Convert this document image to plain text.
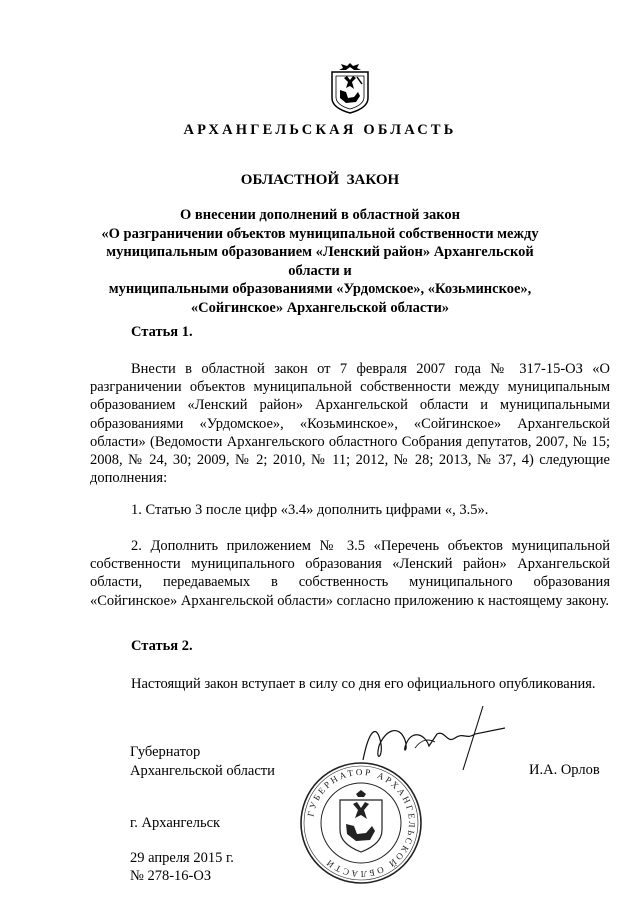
АРХАНГЕЛЬСКАЯ ОБЛАСТЬ
ОБЛАСТНОЙ  ЗАКОН
О внесении дополнений в областной закон
«О разграничении объектов муниципальной собственности между
муниципальным образованием «Ленский район» Архангельской области и
муниципальными образованиями «Урдомское», «Козьминское»,
«Сойгинское» Архангельской области»
Статья 1.

Внести в областной закон от 7 февраля 2007 года № 317-15-ОЗ «О разграничении объектов муниципальной собственности между муниципальным образованием «Ленский район» Архангельской области и муниципальными образованиями «Урдомское», «Козьминское», «Сойгинское» Архангельской области» (Ведомости Архангельского областного Собрания депутатов, 2007, № 15; 2008, № 24, 30; 2009, № 2; 2010, № 11; 2012, № 28; 2013, № 37, 4) следующие дополнения:

1. Статью 3 после цифр «3.4» дополнить цифрами «, 3.5».

2. Дополнить приложением № 3.5 «Перечень объектов муниципальной собственности муниципального образования «Ленский район» Архангельской области, передаваемых в собственность муниципального образования «Сойгинское» Архангельской области» согласно приложению к настоящему закону.

Статья 2.

Настоящий закон вступает в силу со дня его официального опубликования.

Губернатор
Архангельской области	И.А. Орлов
ГУБЕРНАТОР АРХАНГЕЛЬСКОЙ ОБЛАСТИ
г. Архангельск
29 апреля 2015 г.
№ 278-16-ОЗ
